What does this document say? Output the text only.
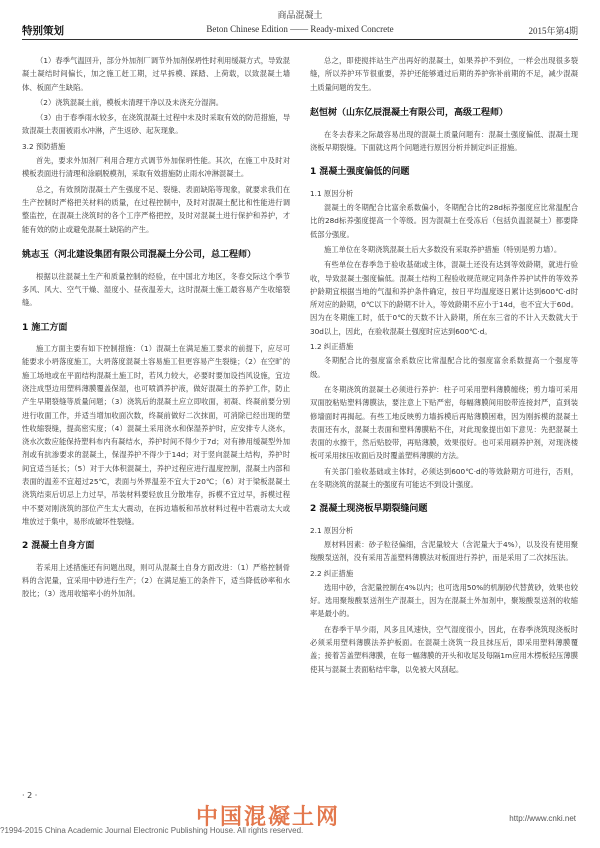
商品混凝土
特别策划	Beton Chinese Edition —— Ready-mixed Concrete	2015年第4期

（1）春季气温回升，部分外加剂厂调节外加剂保坍性时利用缓凝方式，导致混凝土凝结时间偏长，加之施工赶工期，过早拆模、踩踏、上荷载，以致混凝土墙体、板面产生缺陷。

（2）浇筑混凝土前，模板未清理干净以及未浇充分湿润。

（3）由于春季雨水较多，在浇筑混凝土过程中未及时采取有效的防范措施，导致混凝土表面被雨水冲淋，产生返砂、起灰现象。

3.2 预防措施

首先，要求外加剂厂利用合理方式调节外加保坍性能。其次，在施工中及时对模板表面进行清理和涂刷脱模剂，采取有效措施防止雨水冲淋混凝土。

总之，有效预防混凝土产生强度不足、裂缝、表面缺陷等现象，就要求我们在生产控制时严格把关材料的质量，在过程控制中，及时对混凝土配比和性能进行调整监控，在混凝土浇筑时的各个工序严格把控，及时对混凝土进行保护和养护，才能有效的防止或避免混凝土缺陷的产生。

姚志玉（河北建设集团有限公司混凝土分公司，总工程师）

根据以往混凝土生产和质量控制的经验，在中国北方地区，冬春交际这个季节多风、风大、空气干燥、湿度小、昼夜温差大，这时混凝土施工最容易产生收缩裂缝。

1 施工方面

施工方面主要有如下控制措施：（1）混凝土在满足施工要求的前提下，应尽可能要求小坍落度施工，大坍落度混凝土容易施工但更容易产生裂缝；（2）在空旷的施工场地或在平面结构混凝土施工时，若风力较大，必要时要加设挡风设施，宜边浇注成型边用塑料薄膜覆盖保湿，也可喷洒养护液，做好混凝土的养护工作，防止产生早期裂缝等质量问题；（3）浇筑后的混凝土应立即收面，初凝、终凝前要分别进行收面工作，并适当增加收面次数，终凝前做好二次抹面，可消除已经出现的塑性收缩裂缝，提高密实度；（4）混凝土采用浇水和保湿养护时，应安排专人浇水，浇水次数应能保持塑料布内有凝结水，养护时间不得少于7d；对有掺用缓凝型外加剂或有抗渗要求的混凝土，保湿养护不得少于14d；对于竖向混凝土结构，养护时间宜适当延长；（5）对于大体积混凝土，养护过程应进行温度控制，混凝土内部和表面的温差不宜超过25℃，表面与外界温差不宜大于20℃；（6）对于梁板混凝土浇筑结束后切忌上力过早，吊装材料要轻放且分散堆存，拆模不宜过早，拆模过程中不要对刚浇筑的部位产生太大震动，在拆边墙板和吊放材料过程中若震动太大或堆放过于集中，易形成破坏性裂缝。

2 混凝土自身方面

若采用上述措施还有问题出现，则可从混凝土自身方面改进：（1）严格控制骨料的含泥量，宜采用中砂进行生产；（2）在满足施工的条件下，适当降低砂率和水胶比；（3）选用收缩率小的外加剂。

总之，即使搅拌站生产出再好的混凝土，如果养护不到位，一样会出现很多裂缝，所以养护环节很重要，养护还能够通过后期的养护弥补前期的不足，减少混凝土质量问题的发生。

赵恒树（山东亿辰混凝土有限公司，高级工程师）

在冬去春来之际最容易出现的混凝土质量问题有：混凝土强度偏低、混凝土现浇板早期裂缝。下面就这两个问题进行原因分析并制定纠正措施。

1 混凝土强度偏低的问题
1.1 原因分析

混凝土的冬期配合比富余系数偏小，冬期配合比的28d标养强度应比常温配合比的28d标养强度提高一个等级。因为混凝土在受冻后（包括负温混凝土）都要降低部分强度。

施工单位在冬期浇筑混凝土后大多数没有采取养护措施（特别是剪力墙）。

有些单位在春季急于验收基础或主体，混凝土还没有达到等效龄期，就进行验收，导致混凝土强度偏低。混凝土结构工程验收规范规定同条件养护试件的等效养护龄期宜根据当地的气温和养护条件确定，按日平均温度逐日累计达到600℃·d时所对应的龄期，0℃以下的龄期不计入，等效龄期不应小于14d，也不宜大于60d。因为在冬期施工时，低于0℃的天数不计入龄期，所在东三省的不计入天数就大于30d以上，因此，在验收混凝土强度时应达到600℃·d。

1.2 纠正措施

冬期配合比的强度富余系数应比常温配合比的强度富余系数提高一个强度等级。

在冬期浇筑的混凝土必须进行养护：柱子可采用塑料薄膜缠绕；剪力墙可采用双面胶粘贴塑料薄膜法，要注意上下贴严密，每幅薄膜间用胶带连接封严，直到装修墙面时再揭起。有些工地反映剪力墙拆模后再贴薄膜困难，因为刚拆模的混凝土表面还有水，混凝土表面和塑料薄膜粘不住，对此现象提出如下意见：先把混凝土表面的水擦干，然后贴胶带，再贴薄膜，效果很好。也可采用刷养护剂，对现浇楼板可采用抹压收面后及时覆盖塑料薄膜的方法。

有关部门验收基础或主体时，必须达到600℃·d的等效龄期方可进行，否则，在冬期浇筑的混凝土的强度有可能达不到设计强度。

2 混凝土现浇板早期裂缝问题
2.1 原因分析

原材料因素：砂子粒径偏细，含泥量较大（含泥量大于4%），以及没有使用聚羧酸泵送剂，没有采用苫盖塑料薄膜法对板面进行养护，而是采用了二次抹压法。

2.2 纠正措施

选用中砂，含泥量控制在4%以内；也可选用50%的机制砂代替黄砂，效果也较好。选用聚羧酸泵送剂生产混凝土，因为在混凝土外加剂中，聚羧酸泵送剂的收缩率是最小的。

在春季干旱少雨，风多且风速快，空气湿度很小，因此，在春季浇筑现浇板时必须采用塑料薄膜法养护板面。在混凝土浇筑一段且抹压后，即采用塑料薄膜覆盖；接着苫盖塑料薄膜，在每一幅薄膜的开头和收尾及每隔1m应用木楞板轻压薄膜使其与混凝土表面粘结牢靠，以免被大风刮起。

· 2 ·
中国混凝土网	http://www.cnki.net
?1994-2015 China Academic Journal Electronic Publishing House. All rights reserved.
